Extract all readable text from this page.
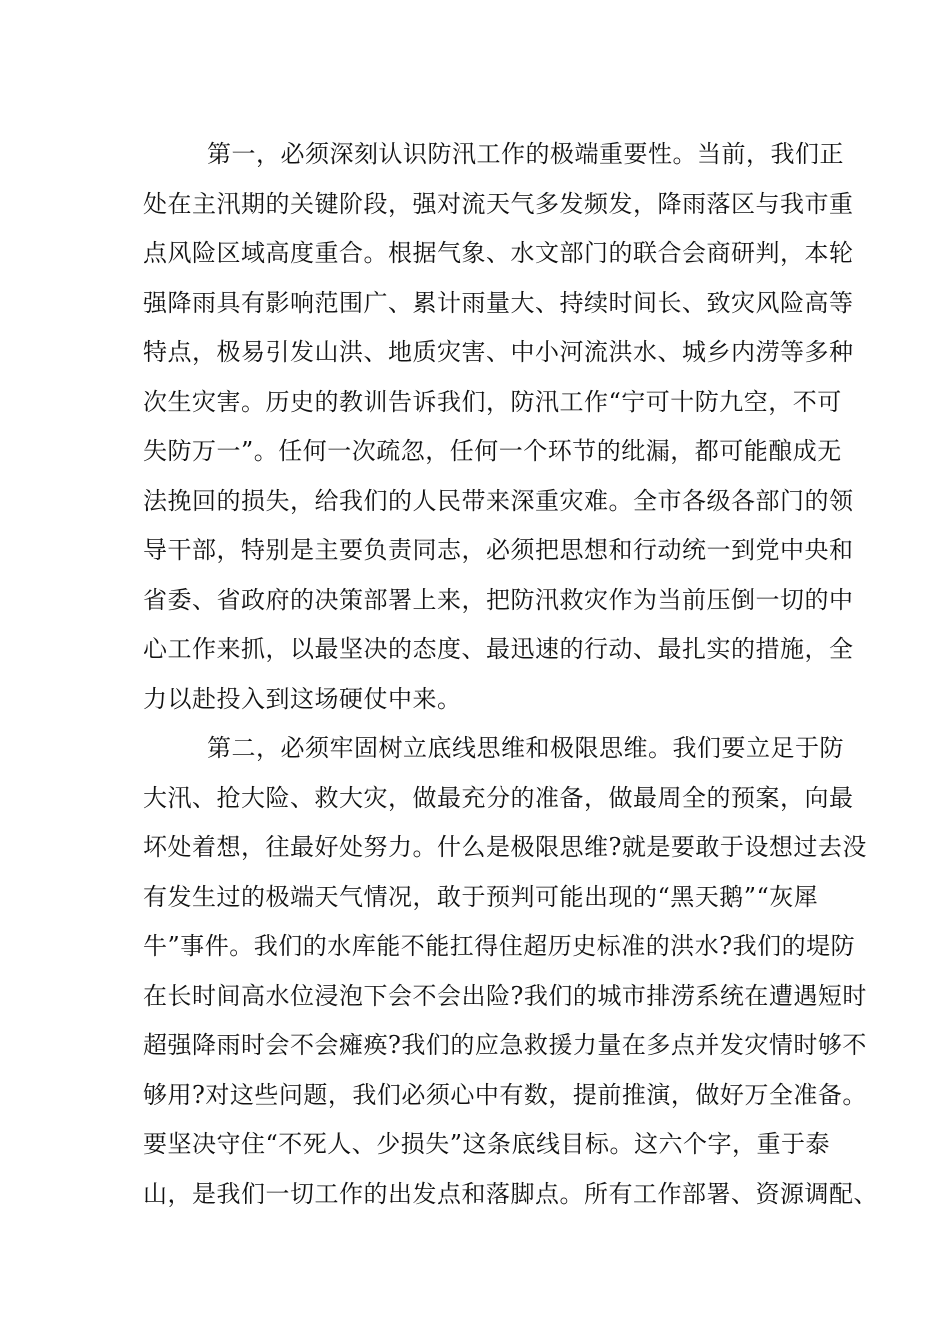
第一，必须深刻认识防汛工作的极端重要性。当前，我们正
处在主汛期的关键阶段，强对流天气多发频发，降雨落区与我市重
点风险区域高度重合。根据气象、水文部门的联合会商研判，本轮
强降雨具有影响范围广、累计雨量大、持续时间长、致灾风险高等
特点，极易引发山洪、地质灾害、中小河流洪水、城乡内涝等多种
次生灾害。历史的教训告诉我们，防汛工作“宁可十防九空，不可
失防万一”。任何一次疏忽，任何一个环节的纰漏，都可能酿成无
法挽回的损失，给我们的人民带来深重灾难。全市各级各部门的领
导干部，特别是主要负责同志，必须把思想和行动统一到党中央和
省委、省政府的决策部署上来，把防汛救灾作为当前压倒一切的中
心工作来抓，以最坚决的态度、最迅速的行动、最扎实的措施，全
力以赴投入到这场硬仗中来。
第二，必须牢固树立底线思维和极限思维。我们要立足于防
大汛、抢大险、救大灾，做最充分的准备，做最周全的预案，向最
坏处着想，往最好处努力。什么是极限思维?就是要敢于设想过去没
有发生过的极端天气情况，敢于预判可能出现的“黑天鹅”“灰犀
牛”事件。我们的水库能不能扛得住超历史标准的洪水?我们的堤防
在长时间高水位浸泡下会不会出险?我们的城市排涝系统在遭遇短时
超强降雨时会不会瘫痪?我们的应急救援力量在多点并发灾情时够不
够用?对这些问题，我们必须心中有数，提前推演，做好万全准备。
要坚决守住“不死人、少损失”这条底线目标。这六个字，重于泰
山，是我们一切工作的出发点和落脚点。所有工作部署、资源调配、
